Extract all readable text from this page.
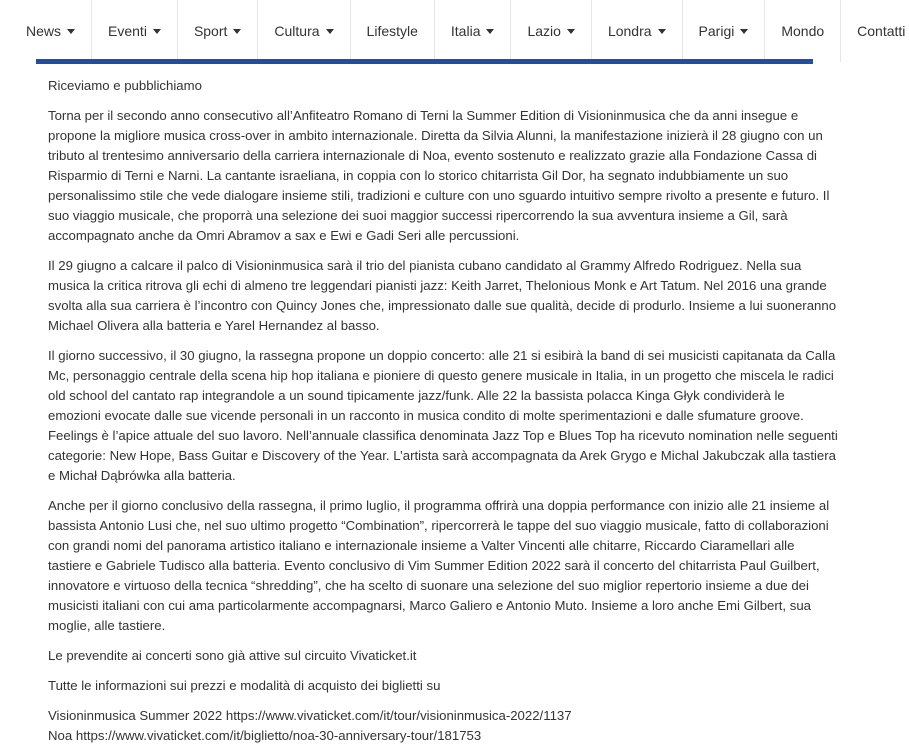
News	Eventi	Sport	Cultura	Lifestyle Italia	Lazio	Londra	Parigi	Mondo Contatti

Riceviamo e pubblichiamo

Torna per il secondo anno consecutivo all’Anfiteatro Romano di Terni la Summer Edition di Visioninmusica che da anni insegue e propone la migliore musica cross-over in ambito internazionale. Diretta da Silvia Alunni, la manifestazione inizierà il 28 giugno con un tributo al trentesimo anniversario della carriera internazionale di Noa, evento sostenuto e realizzato grazie alla Fondazione Cassa di Risparmio di Terni e Narni. La cantante israeliana, in coppia con lo storico chitarrista Gil Dor, ha segnato indubbiamente un suo personalissimo stile che vede dialogare insieme stili, tradizioni e culture con uno sguardo intuitivo sempre rivolto a presente e futuro. Il suo viaggio musicale, che proporrà una selezione dei suoi maggior successi ripercorrendo la sua avventura insieme a Gil, sarà accompagnato anche da Omri Abramov a sax e Ewi e Gadi Seri alle percussioni.

Il 29 giugno a calcare il palco di Visioninmusica sarà il trio del pianista cubano candidato al Grammy Alfredo Rodriguez. Nella sua musica la critica ritrova gli echi di almeno tre leggendari pianisti jazz: Keith Jarret, Thelonious Monk e Art Tatum. Nel 2016 una grande svolta alla sua carriera è l’incontro con Quincy Jones che, impressionato dalle sue qualità, decide di produrlo. Insieme a lui suoneranno Michael Olivera alla batteria e Yarel Hernandez al basso.

Il giorno successivo, il 30 giugno, la rassegna propone un doppio concerto: alle 21 si esibirà la band di sei musicisti capitanata da Calla Mc, personaggio centrale della scena hip hop italiana e pioniere di questo genere musicale in Italia, in un progetto che miscela le radici old school del cantato rap integrandole a un sound tipicamente jazz/funk. Alle 22 la bassista polacca Kinga Głyk condividerà le emozioni evocate dalle sue vicende personali in un racconto in musica condito di molte sperimentazioni e dalle sfumature groove. Feelings è l’apice attuale del suo lavoro. Nell’annuale classifica denominata Jazz Top e Blues Top ha ricevuto nomination nelle seguenti categorie: New Hope, Bass Guitar e Discovery of the Year. L’artista sarà accompagnata da Arek Grygo e Michal Jakubczak alla tastiera e Michał Dąbrówka alla batteria.

Anche per il giorno conclusivo della rassegna, il primo luglio, il programma offrirà una doppia performance con inizio alle 21 insieme al bassista Antonio Lusi che, nel suo ultimo progetto “Combination”, ripercorrerà le tappe del suo viaggio musicale, fatto di collaborazioni con grandi nomi del panorama artistico italiano e internazionale insieme a Valter Vincenti alle chitarre, Riccardo Ciaramellari alle tastiere e Gabriele Tudisco alla batteria. Evento conclusivo di Vim Summer Edition 2022 sarà il concerto del chitarrista Paul Guilbert, innovatore e virtuoso della tecnica “shredding”, che ha scelto di suonare una selezione del suo miglior repertorio insieme a due dei musicisti italiani con cui ama particolarmente accompagnarsi, Marco Galiero e Antonio Muto. Insieme a loro anche Emi Gilbert, sua moglie, alle tastiere.

Le prevendite ai concerti sono già attive sul circuito Vivaticket.it

Tutte le informazioni sui prezzi e modalità di acquisto dei biglietti su

Visioninmusica Summer 2022 https://www.vivaticket.com/it/tour/visioninmusica-2022/1137
Noa https://www.vivaticket.com/it/biglietto/noa-30-anniversary-tour/181753
